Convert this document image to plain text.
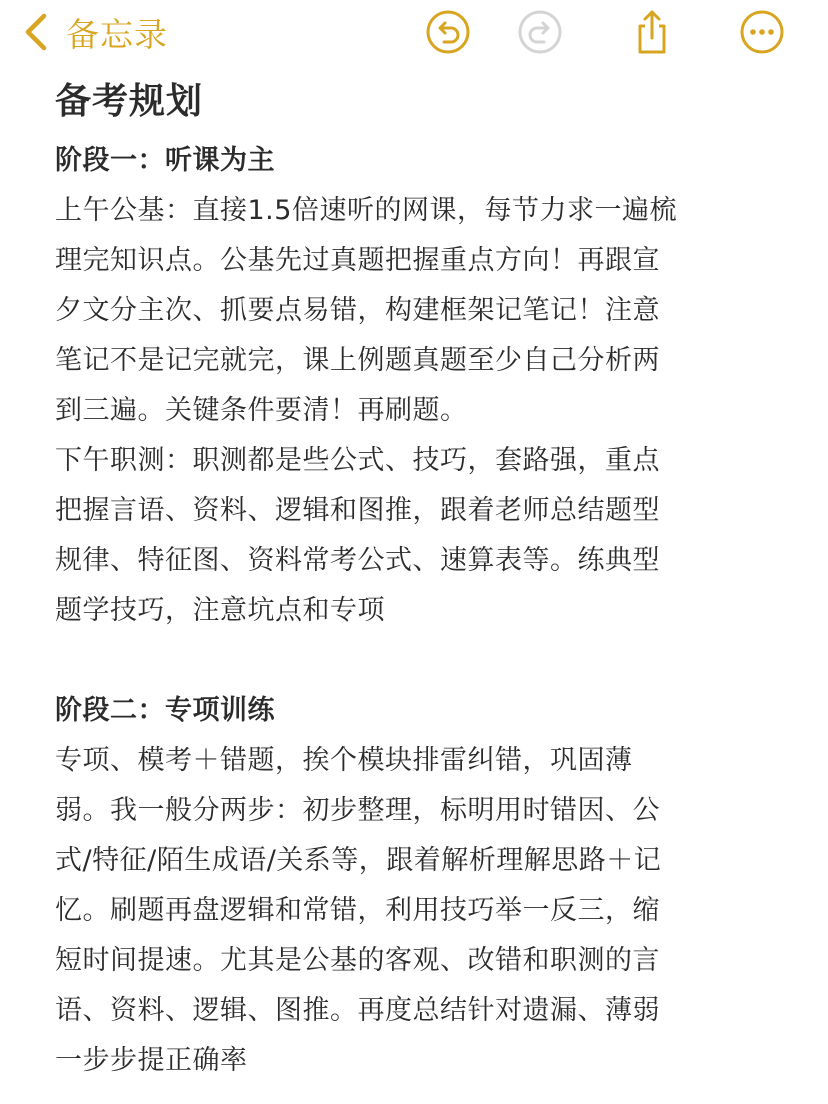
备忘录
备考规划

阶段一：听课为主

上午公基：直接1.5倍速听的网课，每节力求一遍梳

理完知识点。公基先过真题把握重点方向！再跟宣

夕文分主次、抓要点易错，构建框架记笔记！注意

笔记不是记完就完，课上例题真题至少自己分析两

到三遍。关键条件要清！再刷题。

下午职测：职测都是些公式、技巧，套路强，重点

把握言语、资料、逻辑和图推，跟着老师总结题型

规律、特征图、资料常考公式、速算表等。练典型

题学技巧，注意坑点和专项

阶段二：专项训练

专项、模考＋错题，挨个模块排雷纠错，巩固薄

弱。我一般分两步：初步整理，标明用时错因、公

式/特征/陌生成语/关系等，跟着解析理解思路＋记

忆。刷题再盘逻辑和常错，利用技巧举一反三，缩

短时间提速。尤其是公基的客观、改错和职测的言

语、资料、逻辑、图推。再度总结针对遗漏、薄弱

一步步提正确率
